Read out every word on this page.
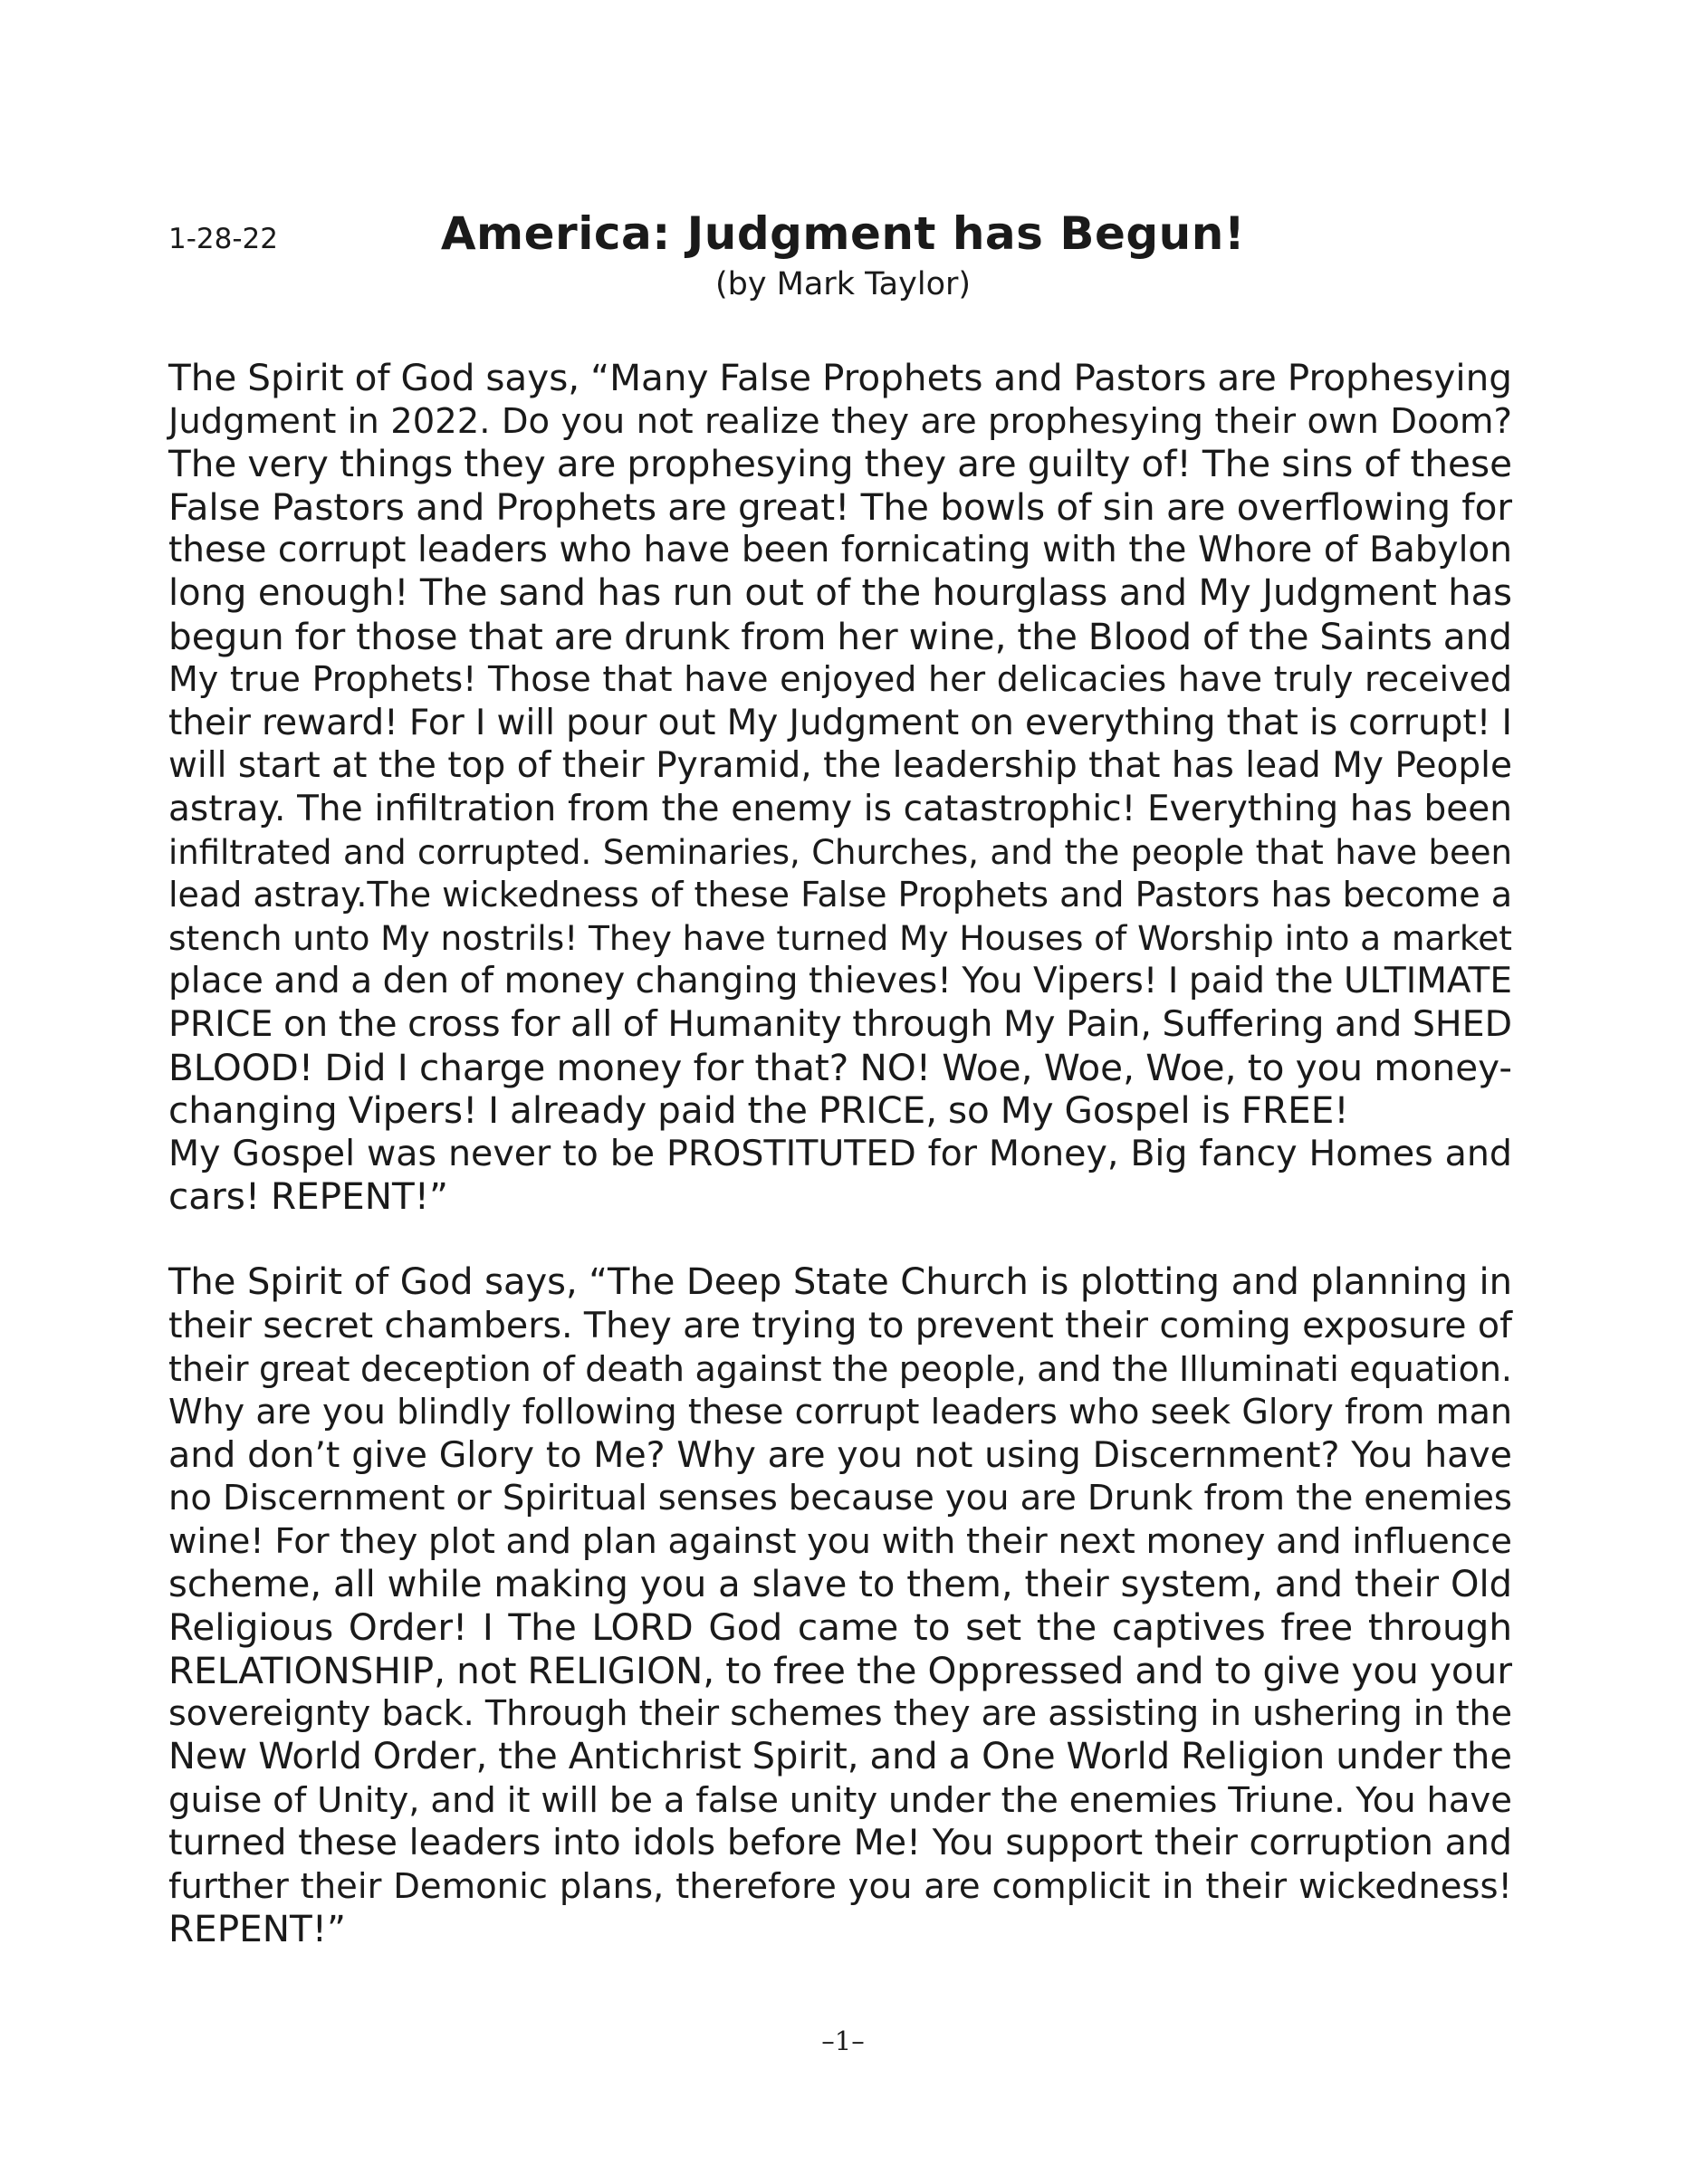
1-28-22	America: Judgment has Begun!
(by Mark Taylor)
The Spirit of God says, “Many False Prophets and Pastors are Prophesying
Judgment in 2022. Do you not realize they are prophesying their own Doom?
The very things they are prophesying they are guilty of! The sins of these
False Pastors and Prophets are great! The bowls of sin are overflowing for
these corrupt leaders who have been fornicating with the Whore of Babylon
long enough! The sand has run out of the hourglass and My Judgment has
begun for those that are drunk from her wine, the Blood of the Saints and
My true Prophets! Those that have enjoyed her delicacies have truly received
their reward! For I will pour out My Judgment on everything that is corrupt! I
will start at the top of their Pyramid, the leadership that has lead My People
astray. The infiltration from the enemy is catastrophic! Everything has been
infiltrated and corrupted. Seminaries, Churches, and the people that have been
lead astray.The wickedness of these False Prophets and Pastors has become a
stench unto My nostrils! They have turned My Houses of Worship into a market
place and a den of money changing thieves! You Vipers! I paid the ULTIMATE
PRICE on the cross for all of Humanity through My Pain, Suffering and SHED
BLOOD! Did I charge money for that? NO! Woe, Woe, Woe, to you money-
changing Vipers! I already paid the PRICE, so My Gospel is FREE!
My Gospel was never to be PROSTITUTED for Money, Big fancy Homes and
cars! REPENT!”
The Spirit of God says, “The Deep State Church is plotting and planning in
their secret chambers. They are trying to prevent their coming exposure of
their great deception of death against the people, and the Illuminati equation.
Why are you blindly following these corrupt leaders who seek Glory from man
and don’t give Glory to Me? Why are you not using Discernment? You have
no Discernment or Spiritual senses because you are Drunk from the enemies
wine! For they plot and plan against you with their next money and influence
scheme, all while making you a slave to them, their system, and their Old
Religious Order! I The LORD God came to set the captives free through
RELATIONSHIP, not RELIGION, to free the Oppressed and to give you your
sovereignty back. Through their schemes they are assisting in ushering in the
New World Order, the Antichrist Spirit, and a One World Religion under the
guise of Unity, and it will be a false unity under the enemies Triune. You have
turned these leaders into idols before Me! You support their corruption and
further their Demonic plans, therefore you are complicit in their wickedness!
REPENT!”
–1–
